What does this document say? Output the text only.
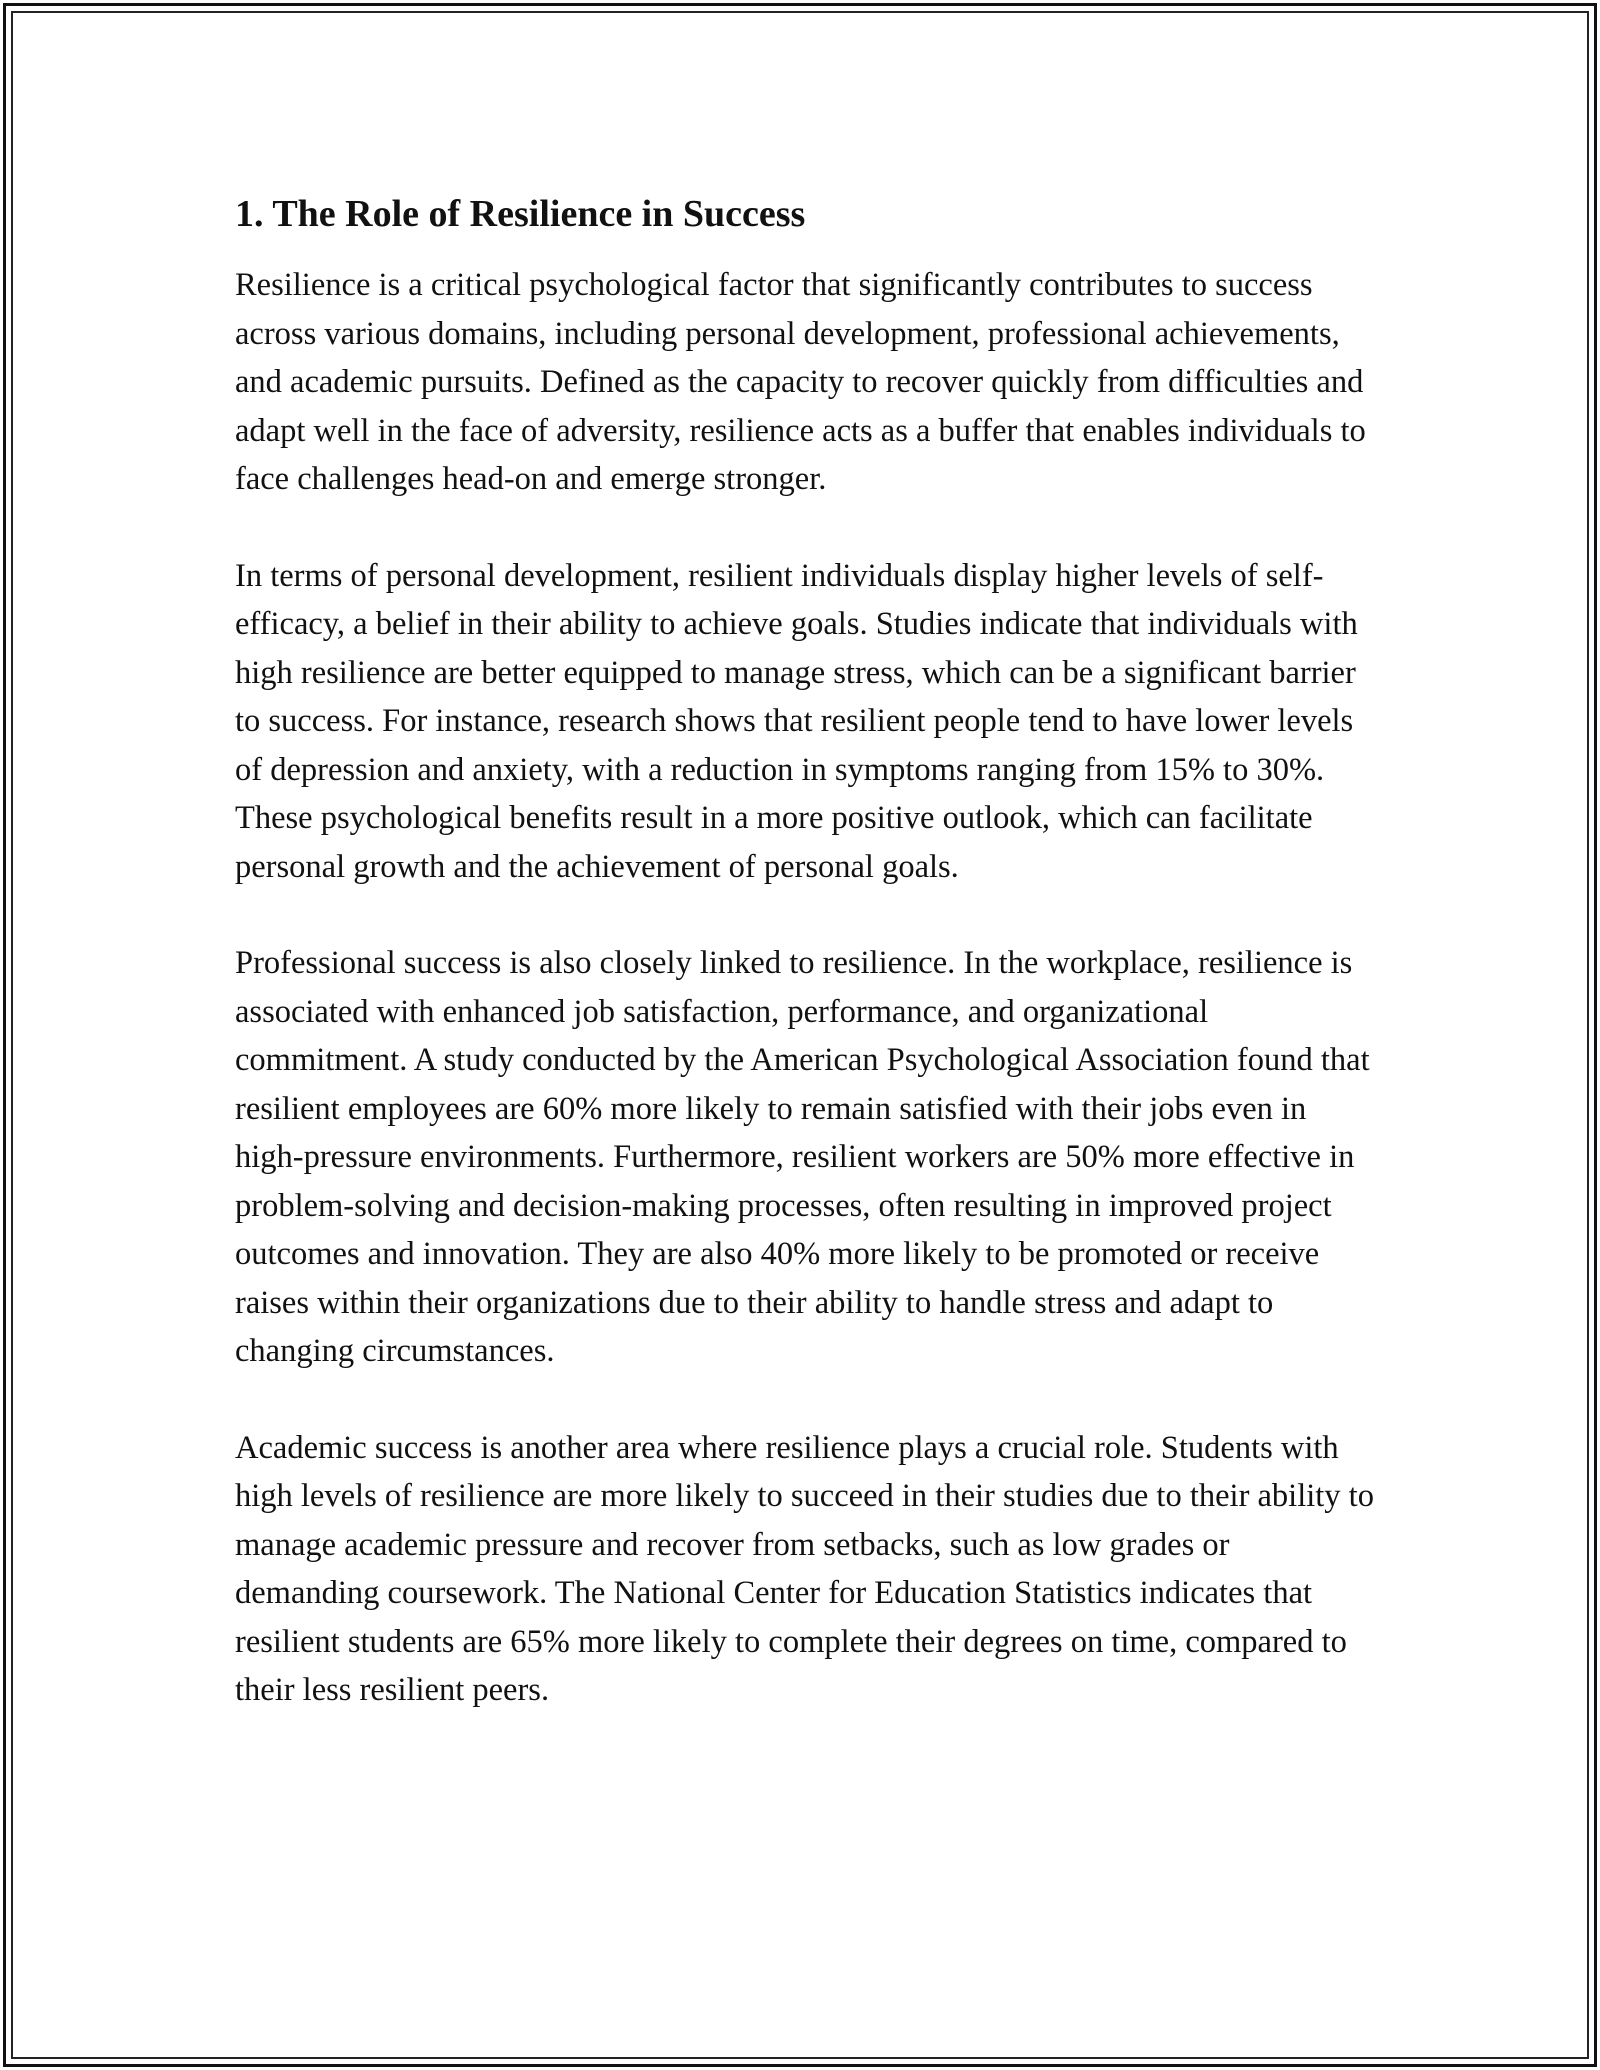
1. The Role of Resilience in Success

Resilience is a critical psychological factor that significantly contributes to success across various domains, including personal development, professional achievements, and academic pursuits. Defined as the capacity to recover quickly from difficulties and adapt well in the face of adversity, resilience acts as a buffer that enables individuals to face challenges head-on and emerge stronger.

In terms of personal development, resilient individuals display higher levels of self-efficacy, a belief in their ability to achieve goals. Studies indicate that individuals with high resilience are better equipped to manage stress, which can be a significant barrier to success. For instance, research shows that resilient people tend to have lower levels of depression and anxiety, with a reduction in symptoms ranging from 15% to 30%. These psychological benefits result in a more positive outlook, which can facilitate personal growth and the achievement of personal goals.

Professional success is also closely linked to resilience. In the workplace, resilience is associated with enhanced job satisfaction, performance, and organizational commitment. A study conducted by the American Psychological Association found that resilient employees are 60% more likely to remain satisfied with their jobs even in high-pressure environments. Furthermore, resilient workers are 50% more effective in problem-solving and decision-making processes, often resulting in improved project outcomes and innovation. They are also 40% more likely to be promoted or receive raises within their organizations due to their ability to handle stress and adapt to changing circumstances.

Academic success is another area where resilience plays a crucial role. Students with high levels of resilience are more likely to succeed in their studies due to their ability to manage academic pressure and recover from setbacks, such as low grades or demanding coursework. The National Center for Education Statistics indicates that resilient students are 65% more likely to complete their degrees on time, compared to their less resilient peers.
